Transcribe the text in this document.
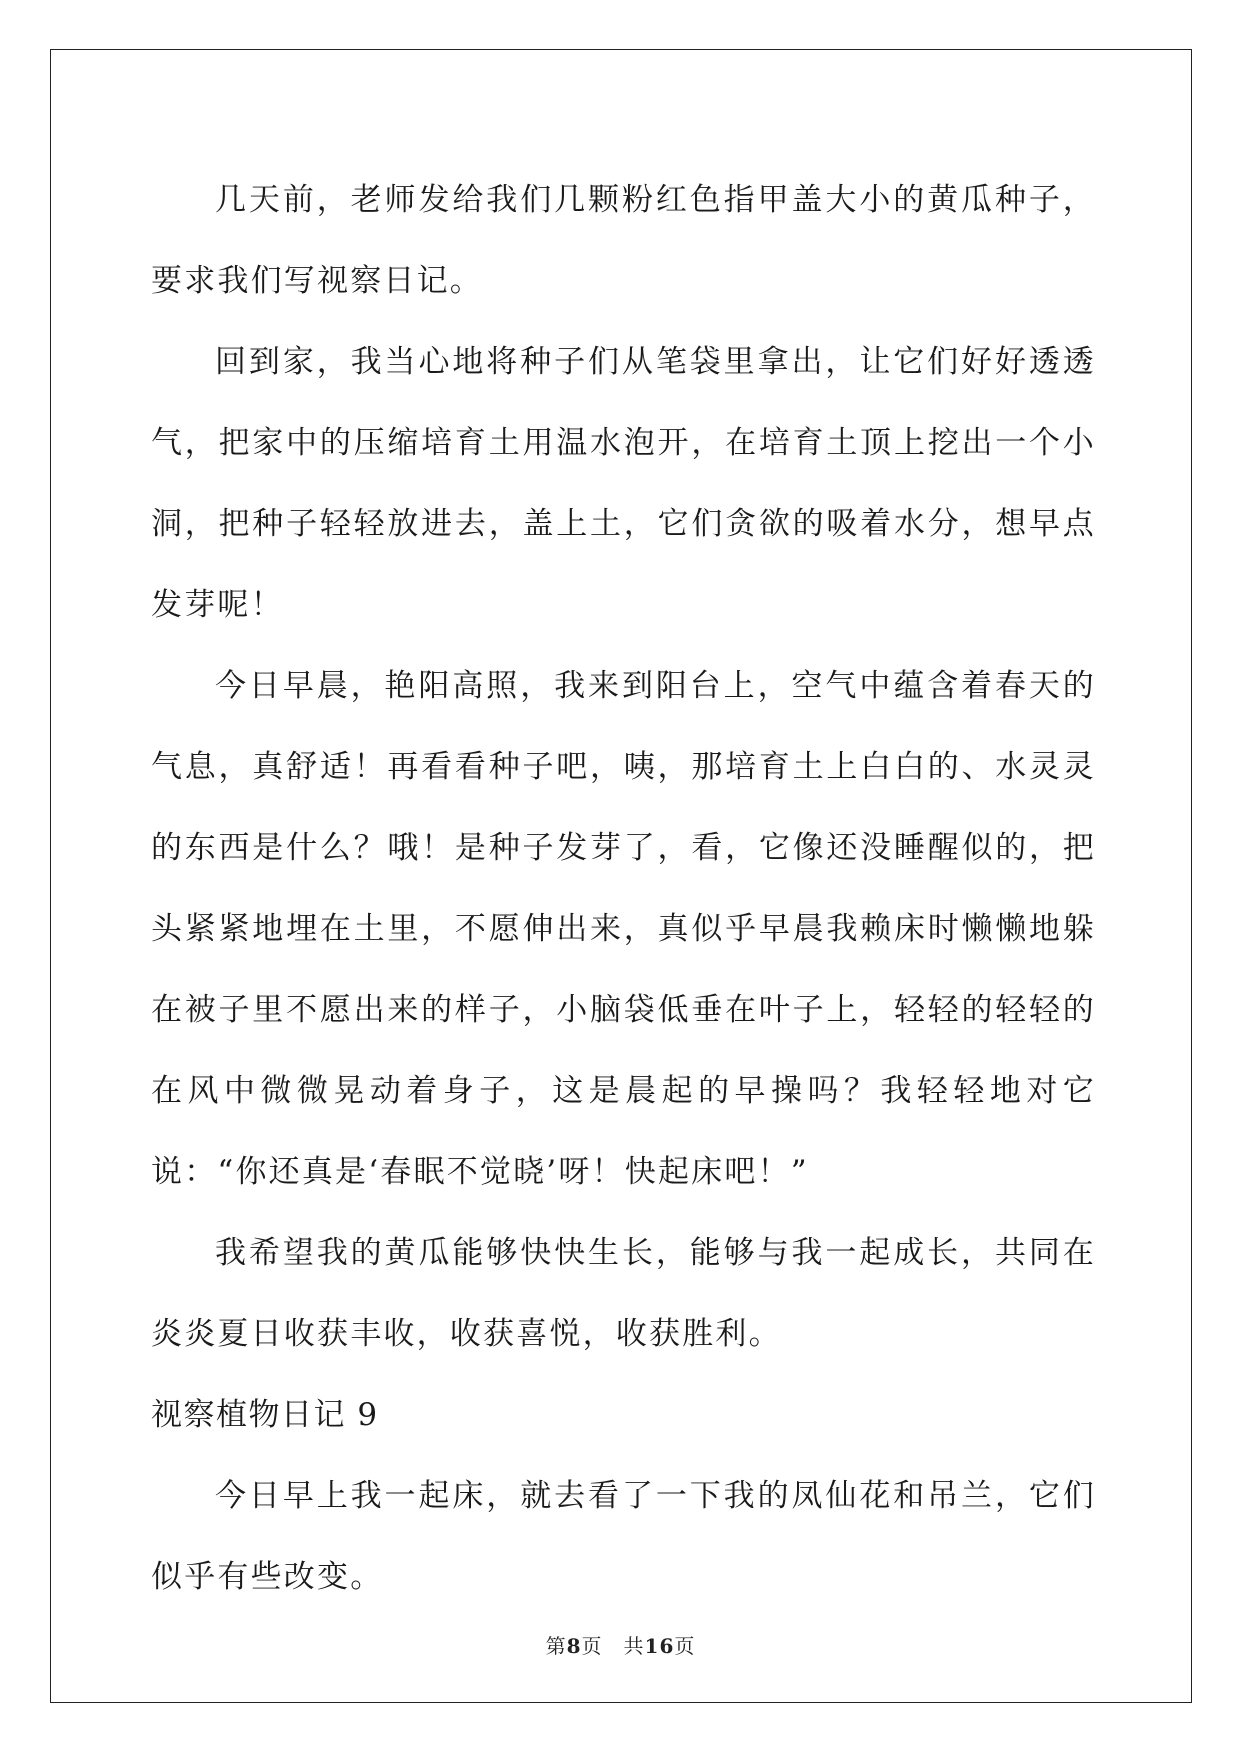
几天前，老师发给我们几颗粉红色指甲盖大小的黄瓜种子，要求我们写视察日记。

回到家，我当心地将种子们从笔袋里拿出，让它们好好透透气，把家中的压缩培育土用温水泡开，在培育土顶上挖出一个小洞，把种子轻轻放进去，盖上土，它们贪欲的吸着水分，想早点发芽呢！

今日早晨，艳阳高照，我来到阳台上，空气中蕴含着春天的气息，真舒适！再看看种子吧，咦，那培育土上白白的、水灵灵的东西是什么？哦！是种子发芽了，看，它像还没睡醒似的，把头紧紧地埋在土里，不愿伸出来，真似乎早晨我赖床时懒懒地躲在被子里不愿出来的样子，小脑袋低垂在叶子上，轻轻的轻轻的在风中微微晃动着身子，这是晨起的早操吗？我轻轻地对它说：“你还真是‘春眠不觉晓’呀！快起床吧！”

我希望我的黄瓜能够快快生长，能够与我一起成长，共同在炎炎夏日收获丰收，收获喜悦，收获胜利。

视察植物日记 9

今日早上我一起床，就去看了一下我的凤仙花和吊兰，它们似乎有些改变。

第8页　共16页
